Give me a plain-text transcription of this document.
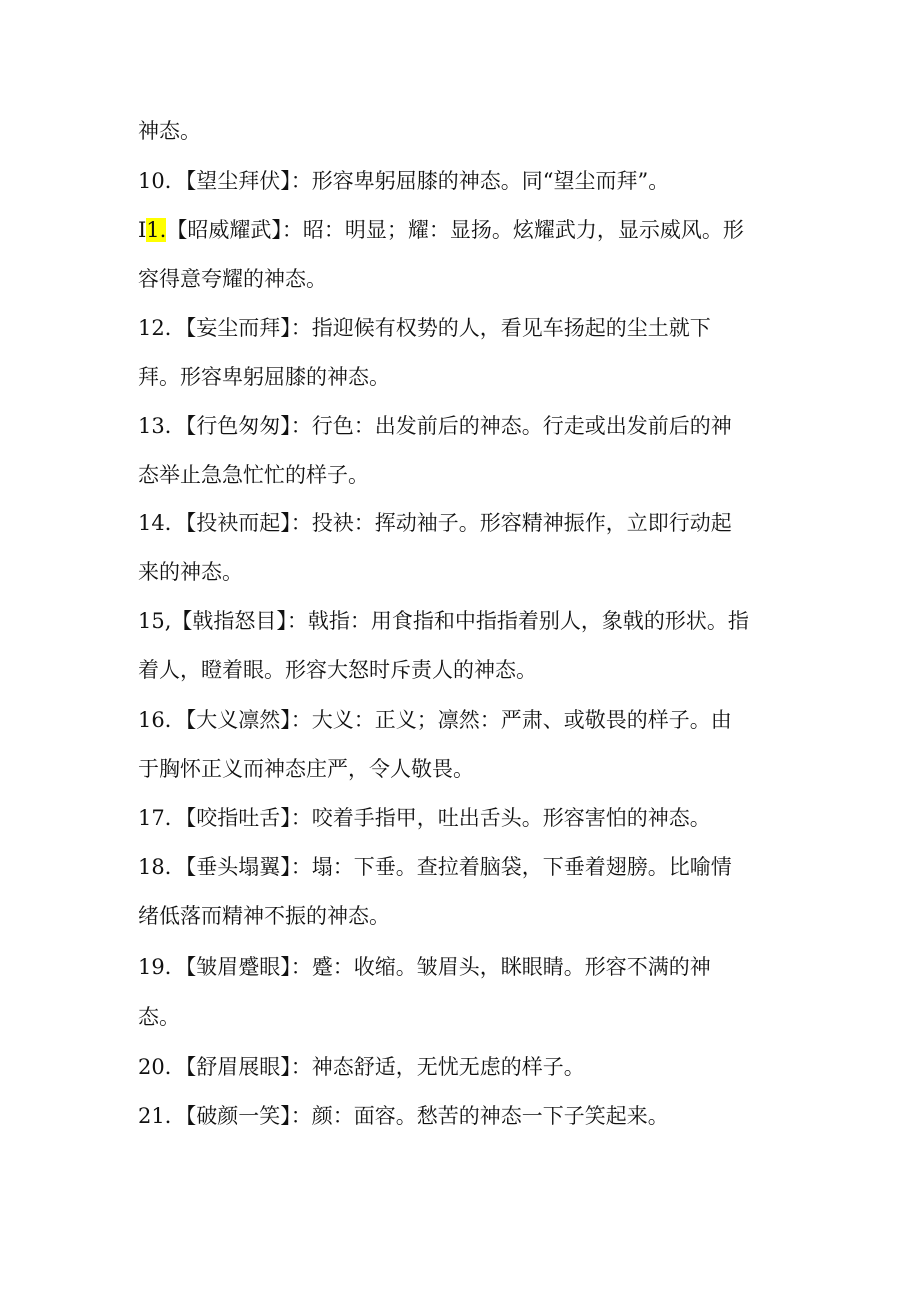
神态。
10．【望尘拜伏】：形容卑躬屈膝的神态。同“望尘而拜”。
I1.【昭威耀武】：昭：明显；耀：显扬。炫耀武力，显示威风。形
容得意夸耀的神态。
12．【妄尘而拜】：指迎候有权势的人，看见车扬起的尘土就下
拜。形容卑躬屈膝的神态。
13．【行色匆匆】：行色：出发前后的神态。行走或出发前后的神
态举止急急忙忙的样子。
14．【投袂而起】：投袂：挥动袖子。形容精神振作，立即行动起
来的神态。
15,【戟指怒目】：戟指：用食指和中指指着别人，象戟的形状。指
着人，瞪着眼。形容大怒时斥责人的神态。
16．【大义凛然】：大义：正义；凛然：严肃、或敬畏的样子。由
于胸怀正义而神态庄严，令人敬畏。
17．【咬指吐舌】：咬着手指甲，吐出舌头。形容害怕的神态。
18．【垂头塌翼】：塌：下垂。查拉着脑袋，下垂着翅膀。比喻情
绪低落而精神不振的神态。
19．【皱眉蹙眼】：蹙：收缩。皱眉头，眯眼睛。形容不满的神
态。
20．【舒眉展眼】：神态舒适，无忧无虑的样子。
21．【破颜一笑】：颜：面容。愁苦的神态一下子笑起来。
